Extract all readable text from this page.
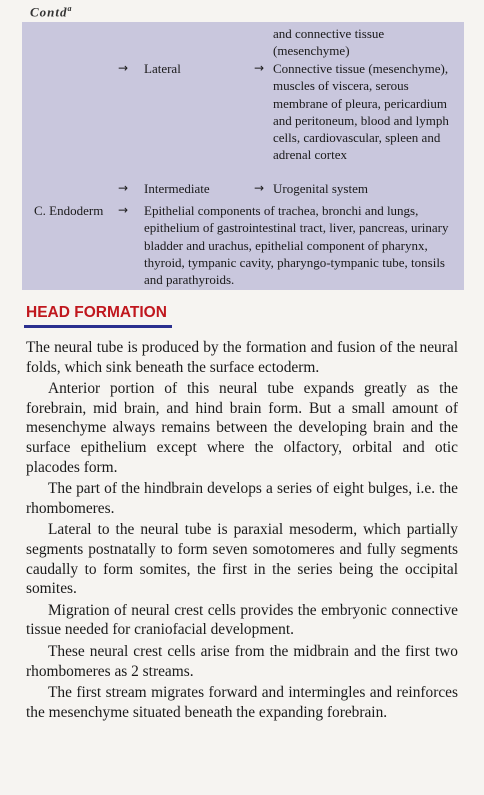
Contd$^a$
and connective tissue (mesenchyme)
→ Lateral	→ Connective tissue (mesenchyme), muscles of viscera, serous membrane of pleura, pericardium and peritoneum, blood and lymph cells, cardiovascular, spleen and adrenal cortex
→ Intermediate	→ Urogenital system
C. Endoderm → Epithelial components of trachea, bronchi and lungs, epithelium of gastrointestinal tract, liver, pancreas, urinary bladder and urachus, epithelial component of pharynx, thyroid, tympanic cavity, pharyngo-tympanic tube, tonsils and parathyroids.
HEAD FORMATION

The neural tube is produced by the formation and fusion of the neural folds, which sink beneath the surface ectoderm.

Anterior portion of this neural tube expands greatly as the forebrain, mid brain, and hind brain form. But a small amount of mesenchyme always remains between the developing brain and the surface epithelium except where the olfactory, orbital and otic placodes form.

The part of the hindbrain develops a series of eight bulges, i.e. the rhombomeres.

Lateral to the neural tube is paraxial mesoderm, which partially segments postnatally to form seven somotomeres and fully segments caudally to form somites, the first in the series being the occipital somites.

Migration of neural crest cells provides the embryonic connective tissue needed for craniofacial development.

These neural crest cells arise from the midbrain and the first two rhombomeres as 2 streams.

The first stream migrates forward and intermingles and reinforces the mesenchyme situated beneath the expanding forebrain.
